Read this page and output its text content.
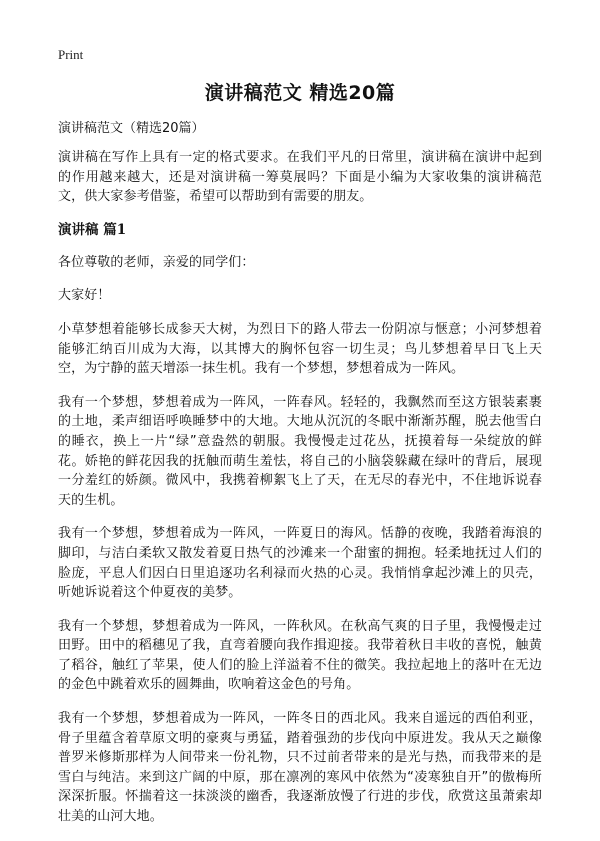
Print
演讲稿范文 精选20篇
演讲稿范文（精选20篇）

演讲稿在写作上具有一定的格式要求。在我们平凡的日常里，演讲稿在演讲中起到的作用越来越大，还是对演讲稿一筹莫展吗？下面是小编为大家收集的演讲稿范文，供大家参考借鉴，希望可以帮助到有需要的朋友。

演讲稿 篇1

各位尊敬的老师，亲爱的同学们：

大家好！

小草梦想着能够长成参天大树，为烈日下的路人带去一份阴凉与惬意；小河梦想着能够汇纳百川成为大海，以其博大的胸怀包容一切生灵；鸟儿梦想着早日飞上天空，为宁静的蓝天增添一抹生机。我有一个梦想，梦想着成为一阵风。

我有一个梦想，梦想着成为一阵风，一阵春风。轻轻的，我飘然而至这方银装素裹的土地，柔声细语呼唤睡梦中的大地。大地从沉沉的冬眠中渐渐苏醒，脱去他雪白的睡衣，换上一片“绿”意盎然的朝服。我慢慢走过花丛，抚摸着每一朵绽放的鲜花。娇艳的鲜花因我的抚触而萌生羞怯，将自己的小脑袋躲藏在绿叶的背后，展现一分羞红的娇颜。微风中，我携着柳絮飞上了天，在无尽的春光中，不住地诉说春天的生机。

我有一个梦想，梦想着成为一阵风，一阵夏日的海风。恬静的夜晚，我踏着海浪的脚印，与洁白柔软又散发着夏日热气的沙滩来一个甜蜜的拥抱。轻柔地抚过人们的脸庞，平息人们因白日里追逐功名利禄而火热的心灵。我悄悄拿起沙滩上的贝壳，听她诉说着这个仲夏夜的美梦。

我有一个梦想，梦想着成为一阵风，一阵秋风。在秋高气爽的日子里，我慢慢走过田野。田中的稻穗见了我，直弯着腰向我作揖迎接。我带着秋日丰收的喜悦，触黄了稻谷，触红了苹果，使人们的脸上洋溢着不住的微笑。我拉起地上的落叶在无边的金色中跳着欢乐的圆舞曲，吹响着这金色的号角。

我有一个梦想，梦想着成为一阵风，一阵冬日的西北风。我来自遥远的西伯利亚，骨子里蕴含着草原文明的豪爽与勇猛，踏着强劲的步伐向中原进发。我从天之巅像普罗米修斯那样为人间带来一份礼物，只不过前者带来的是光与热，而我带来的是雪白与纯洁。来到这广阔的中原，那在凛冽的寒风中依然为“凌寒独自开”的傲梅所深深折服。怀揣着这一抹淡淡的幽香，我逐渐放慢了行进的步伐，欣赏这虽萧索却壮美的山河大地。
